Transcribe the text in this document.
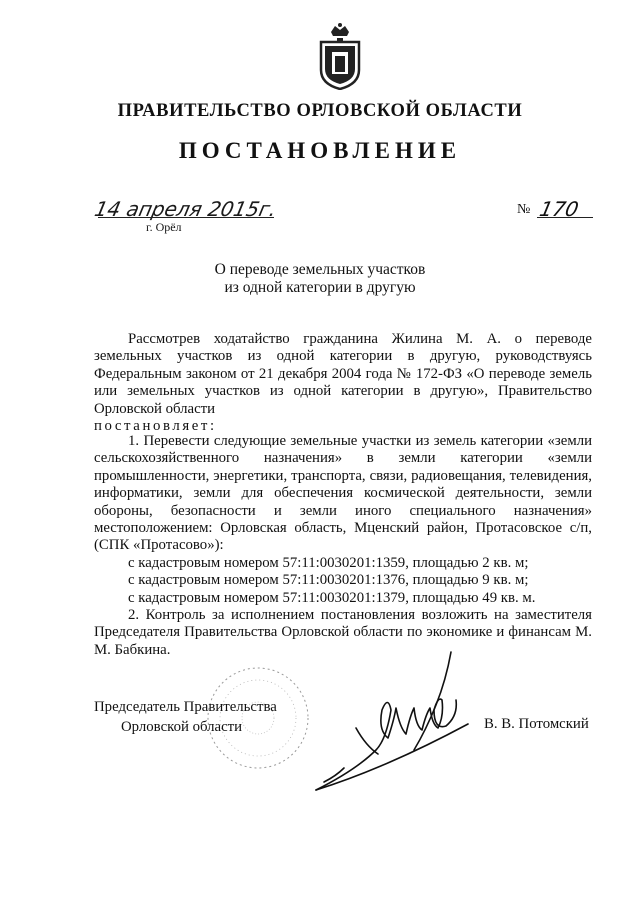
ПРАВИТЕЛЬСТВО ОРЛОВСКОЙ ОБЛАСТИ
ПОСТАНОВЛЕНИЕ
14 апреля 2015г.
г. Орёл
№ 170
О переводе земельных участков
из одной категории в другую
Рассмотрев ходатайство гражданина Жилина М. А. о переводе земельных участков из одной категории в другую, руководствуясь Федеральным законом от 21 декабря 2004 года № 172-ФЗ «О переводе земель или земельных участков из одной категории в другую», Правительство Орловской области
постановляет:
1. Перевести следующие земельные участки из земель категории «земли сельскохозяйственного назначения» в земли категории «земли промышленности, энергетики, транспорта, связи, радиовещания, телевидения, информатики, земли для обеспечения космической деятельности, земли обороны, безопасности и земли иного специального назначения» местоположением: Орловская область, Мценский район, Протасовское с/п, (СПК «Протасово»):
с кадастровым номером 57:11:0030201:1359, площадью 2 кв. м;
с кадастровым номером 57:11:0030201:1376, площадью 9 кв. м;
с кадастровым номером 57:11:0030201:1379, площадью 49 кв. м.
2. Контроль за исполнением постановления возложить на заместителя Председателя Правительства Орловской области по экономике и финансам М. М. Бабкина.
Председатель Правительства
Орловской области	В. В. Потомский
